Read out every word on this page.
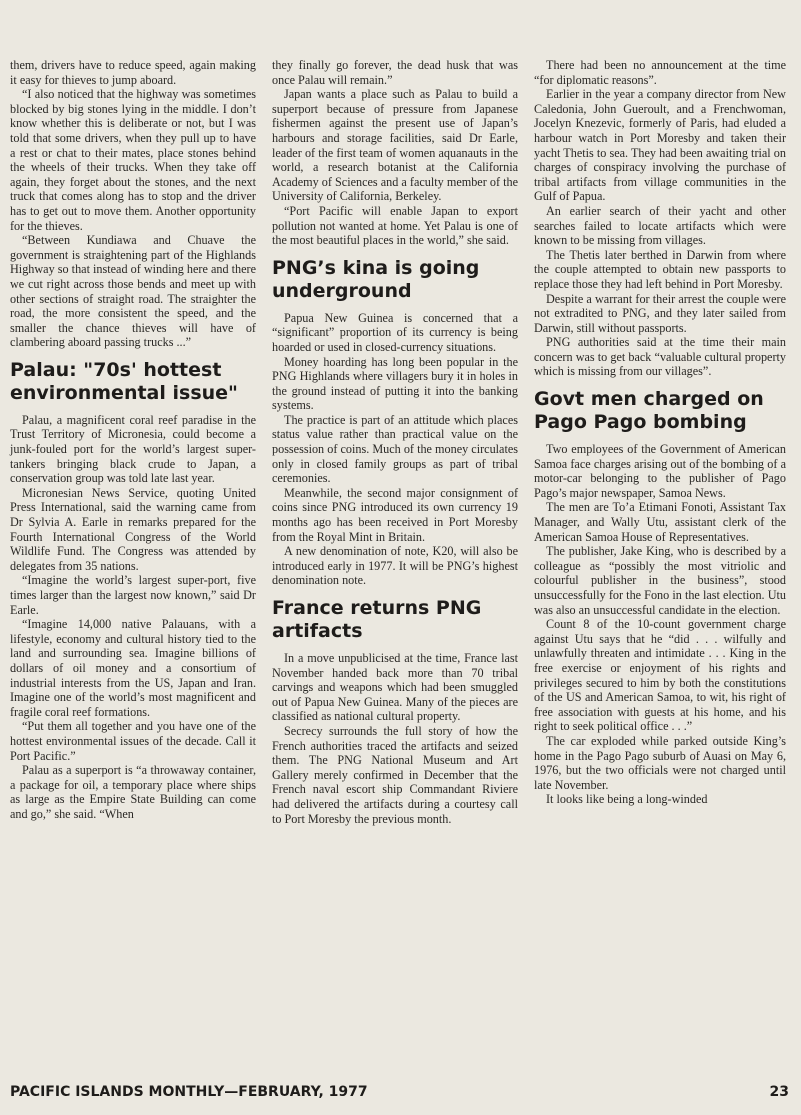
them, drivers have to reduce speed, again making it easy for thieves to jump aboard.

“I also noticed that the highway was sometimes blocked by big stones lying in the middle. I don’t know whether this is deliberate or not, but I was told that some drivers, when they pull up to have a rest or chat to their mates, place stones behind the wheels of their trucks. When they take off again, they forget about the stones, and the next truck that comes along has to stop and the driver has to get out to move them. Another opportunity for the thieves.

“Between Kundiawa and Chuave the government is straightening part of the Highlands Highway so that instead of winding here and there we cut right across those bends and meet up with other sections of straight road. The straighter the road, the more consistent the speed, and the smaller the chance thieves will have of clambering aboard passing trucks ...”

Palau: "70s' hottest environmental issue"

Palau, a magnificent coral reef paradise in the Trust Territory of Micronesia, could become a junk-fouled port for the world’s largest super-tankers bringing black crude to Japan, a conservation group was told late last year.

Micronesian News Service, quoting United Press International, said the warning came from Dr Sylvia A. Earle in remarks prepared for the Fourth International Congress of the World Wildlife Fund. The Congress was attended by delegates from 35 nations.

“Imagine the world’s largest super-port, five times larger than the largest now known,” said Dr Earle.

“Imagine 14,000 native Palauans, with a lifestyle, economy and cultural history tied to the land and surrounding sea. Imagine billions of dollars of oil money and a consortium of industrial interests from the US, Japan and Iran. Imagine one of the world’s most magnificent and fragile coral reef formations.

“Put them all together and you have one of the hottest environmental issues of the decade. Call it Port Pacific.”

Palau as a superport is “a throwaway container, a package for oil, a temporary place where ships as large as the Empire State Building can come and go,” she said. “When

they finally go forever, the dead husk that was once Palau will remain.”

Japan wants a place such as Palau to build a superport because of pressure from Japanese fishermen against the present use of Japan’s harbours and storage facilities, said Dr Earle, leader of the first team of women aquanauts in the world, a research botanist at the California Academy of Sciences and a faculty member of the University of California, Berkeley.

“Port Pacific will enable Japan to export pollution not wanted at home. Yet Palau is one of the most beautiful places in the world,” she said.

PNG’s kina is going underground

Papua New Guinea is concerned that a “significant” proportion of its currency is being hoarded or used in closed-currency situations.

Money hoarding has long been popular in the PNG Highlands where villagers bury it in holes in the ground instead of putting it into the banking systems.

The practice is part of an attitude which places status value rather than practical value on the possession of coins. Much of the money circulates only in closed family groups as part of tribal ceremonies.

Meanwhile, the second major consignment of coins since PNG introduced its own currency 19 months ago has been received in Port Moresby from the Royal Mint in Britain.

A new denomination of note, K20, will also be introduced early in 1977. It will be PNG’s highest denomination note.

France returns PNG artifacts

In a move unpublicised at the time, France last November handed back more than 70 tribal carvings and weapons which had been smuggled out of Papua New Guinea. Many of the pieces are classified as national cultural property.

Secrecy surrounds the full story of how the French authorities traced the artifacts and seized them. The PNG National Museum and Art Gallery merely confirmed in December that the French naval escort ship Commandant Riviere had delivered the artifacts during a courtesy call to Port Moresby the previous month.

There had been no announcement at the time “for diplomatic reasons”.

Earlier in the year a company director from New Caledonia, John Gueroult, and a Frenchwoman, Jocelyn Knezevic, formerly of Paris, had eluded a harbour watch in Port Moresby and taken their yacht Thetis to sea. They had been awaiting trial on charges of conspiracy involving the purchase of tribal artifacts from village communities in the Gulf of Papua.

An earlier search of their yacht and other searches failed to locate artifacts which were known to be missing from villages.

The Thetis later berthed in Darwin from where the couple attempted to obtain new passports to replace those they had left behind in Port Moresby.

Despite a warrant for their arrest the couple were not extradited to PNG, and they later sailed from Darwin, still without passports.

PNG authorities said at the time their main concern was to get back “valuable cultural property which is missing from our villages”.

Govt men charged on Pago Pago bombing

Two employees of the Government of American Samoa face charges arising out of the bombing of a motor-car belonging to the publisher of Pago Pago’s major newspaper, Samoa News.

The men are To’a Etimani Fonoti, Assistant Tax Manager, and Wally Utu, assistant clerk of the American Samoa House of Representatives.

The publisher, Jake King, who is described by a colleague as “possibly the most vitriolic and colourful publisher in the business”, stood unsuccessfully for the Fono in the last election. Utu was also an unsuccessful candidate in the election.

Count 8 of the 10-count government charge against Utu says that he “did . . . wilfully and unlawfully threaten and intimidate . . . King in the free exercise or enjoyment of his rights and privileges secured to him by both the constitutions of the US and American Samoa, to wit, his right of free association with guests at his home, and his right to seek political office . . .”

The car exploded while parked outside King’s home in the Pago Pago suburb of Auasi on May 6, 1976, but the two officials were not charged until late November.

It looks like being a long-winded

PACIFIC ISLANDS MONTHLY—FEBRUARY, 1977	23
